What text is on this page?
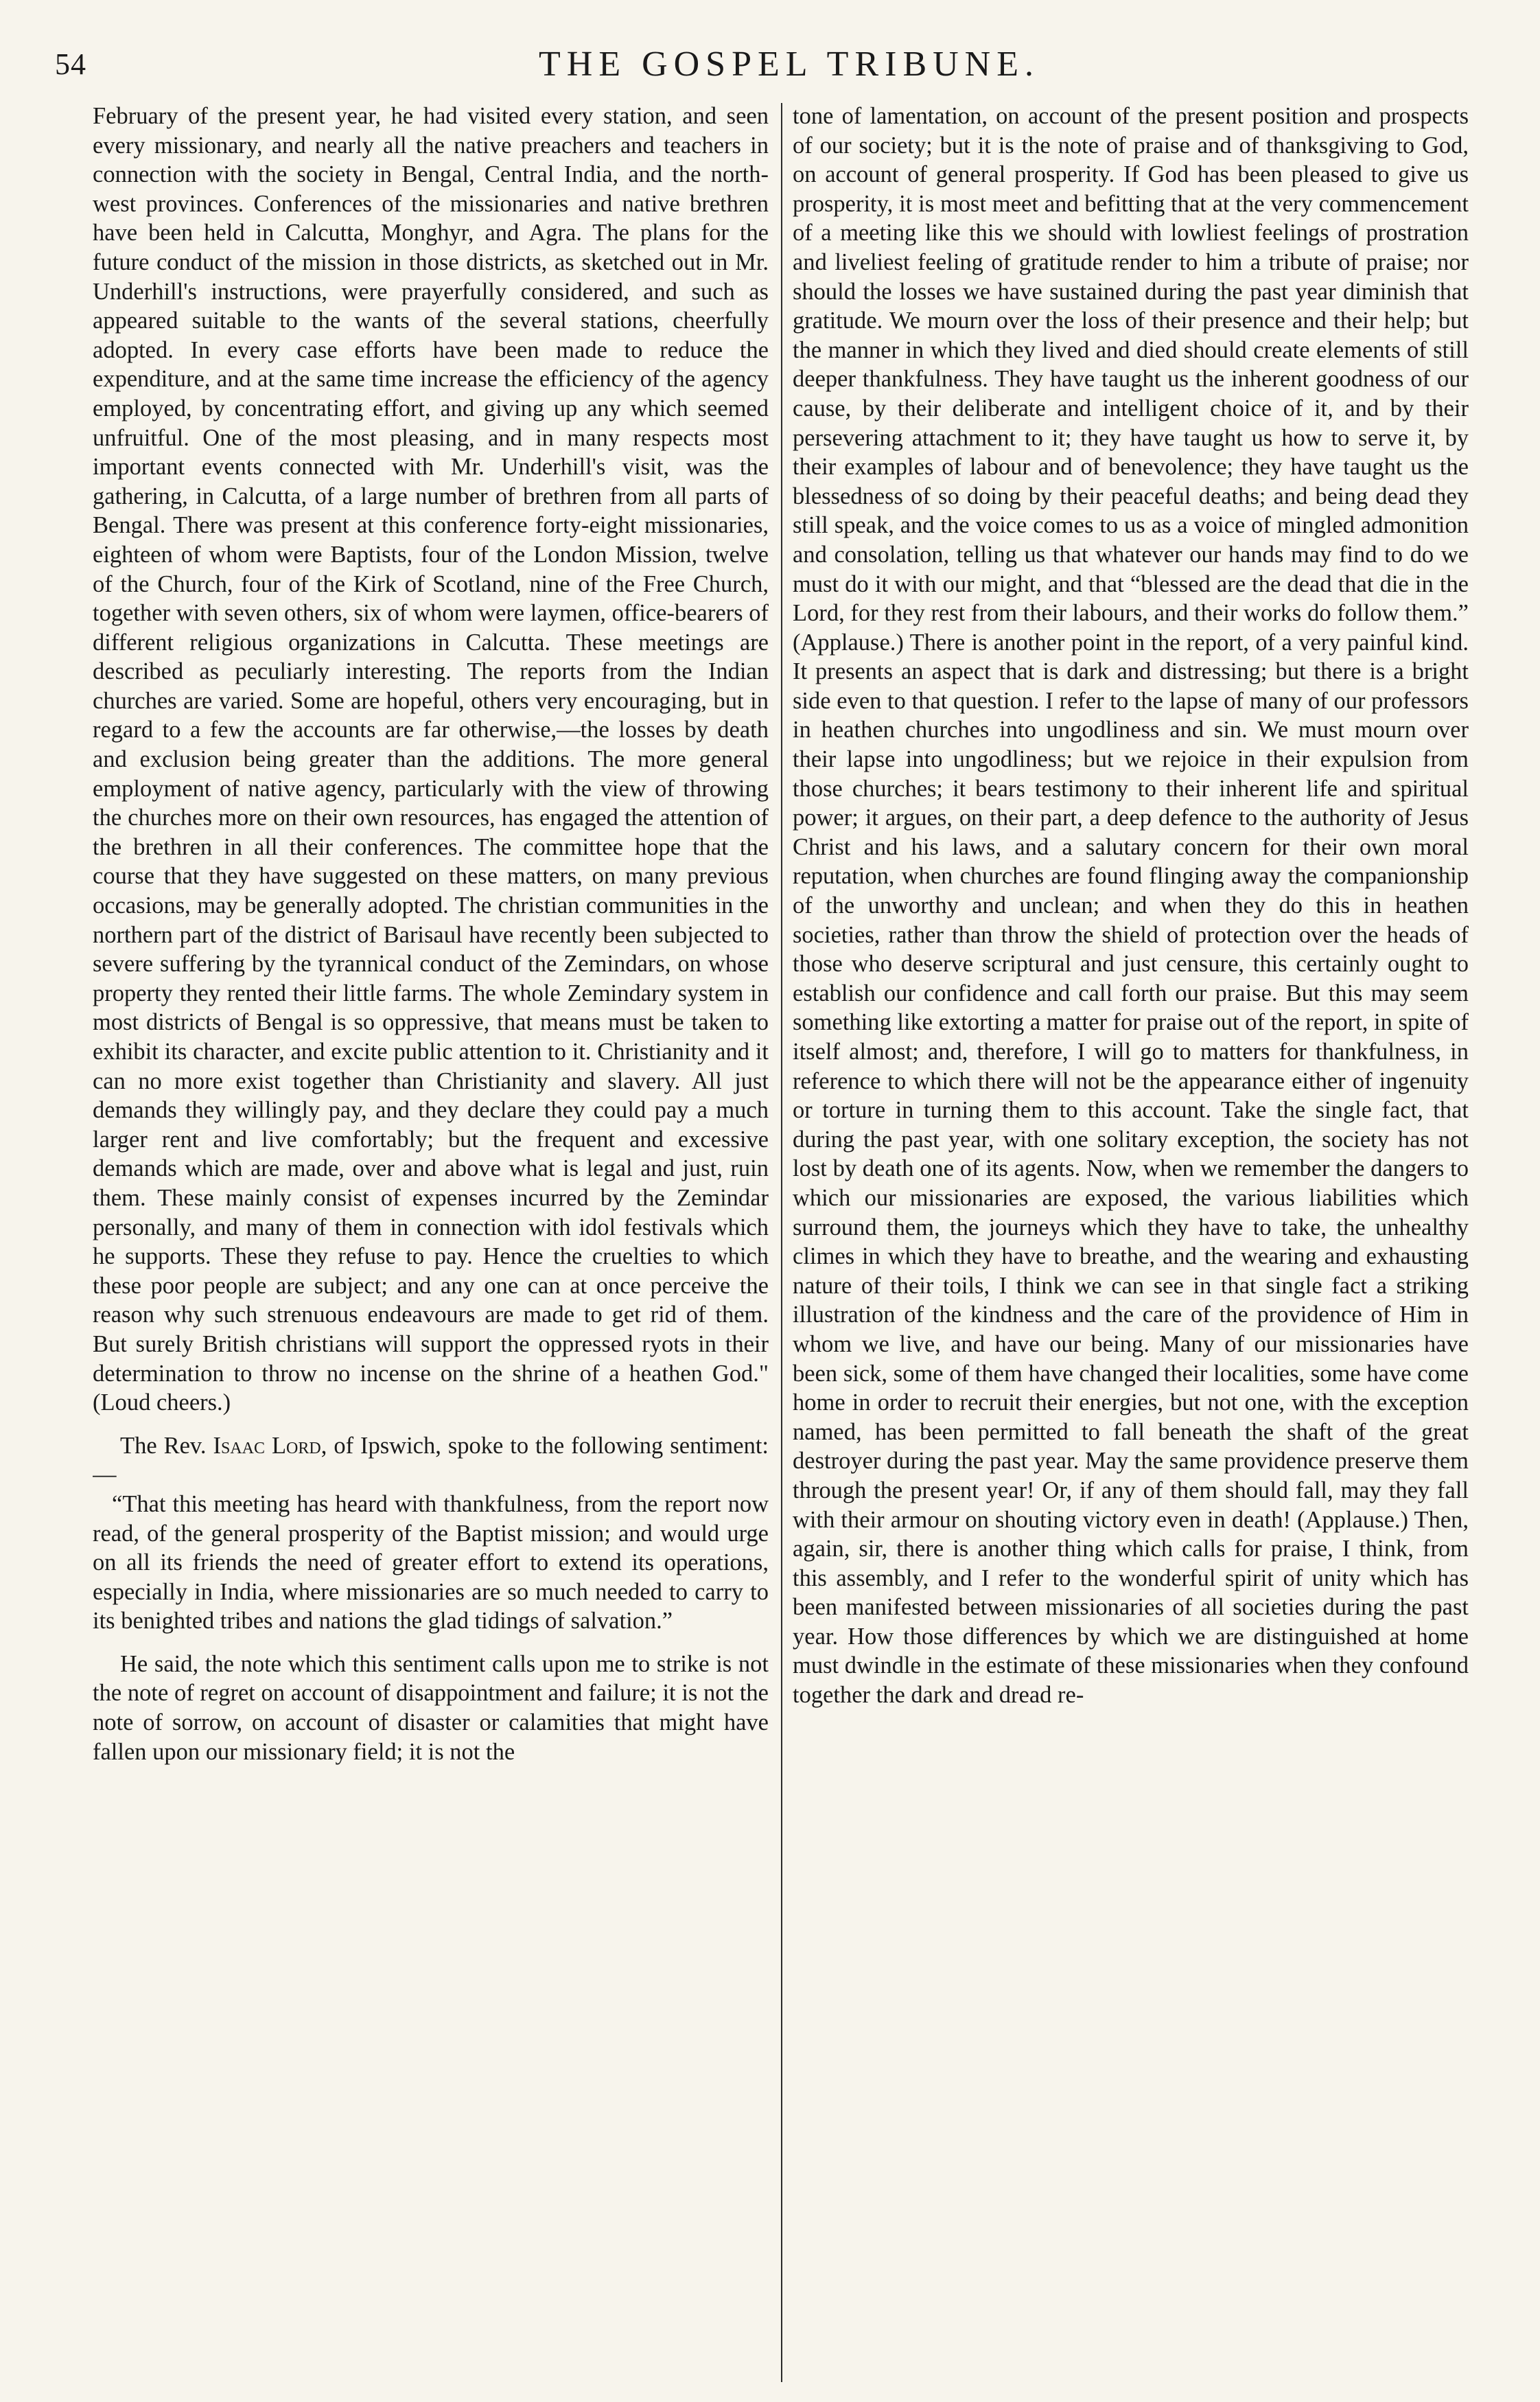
54	THE GOSPEL TRIBUNE.

February of the present year, he had visited every station, and seen every missionary, and nearly all the native preachers and teachers in connection with the society in Bengal, Central India, and the north-west provinces. Conferences of the missionaries and native brethren have been held in Calcutta, Monghyr, and Agra. The plans for the future conduct of the mission in those districts, as sketched out in Mr. Underhill's instructions, were prayerfully considered, and such as appeared suitable to the wants of the several stations, cheerfully adopted. In every case efforts have been made to reduce the expenditure, and at the same time increase the efficiency of the agency employed, by concentrating effort, and giving up any which seemed unfruitful. One of the most pleasing, and in many respects most important events connected with Mr. Underhill's visit, was the gathering, in Calcutta, of a large number of brethren from all parts of Bengal. There was present at this conference forty-eight missionaries, eighteen of whom were Baptists, four of the London Mission, twelve of the Church, four of the Kirk of Scotland, nine of the Free Church, together with seven others, six of whom were laymen, office-bearers of different religious organizations in Calcutta. These meetings are described as peculiarly interesting. The reports from the Indian churches are varied. Some are hopeful, others very encouraging, but in regard to a few the accounts are far otherwise,—the losses by death and exclusion being greater than the additions. The more general employment of native agency, particularly with the view of throwing the churches more on their own resources, has engaged the attention of the brethren in all their conferences. The committee hope that the course that they have suggested on these matters, on many previous occasions, may be generally adopted. The christian communities in the northern part of the district of Barisaul have recently been subjected to severe suffering by the tyrannical conduct of the Zemindars, on whose property they rented their little farms. The whole Zemindary system in most districts of Bengal is so oppressive, that means must be taken to exhibit its character, and excite public attention to it. Christianity and it can no more exist together than Christianity and slavery. All just demands they willingly pay, and they declare they could pay a much larger rent and live comfortably; but the frequent and excessive demands which are made, over and above what is legal and just, ruin them. These mainly consist of expenses incurred by the Zemindar personally, and many of them in connection with idol festivals which he supports. These they refuse to pay. Hence the cruelties to which these poor people are subject; and any one can at once perceive the reason why such strenuous endeavours are made to get rid of them. But surely British christians will support the oppressed ryots in their determination to throw no incense on the shrine of a heathen God." (Loud cheers.)

The Rev. Isaac Lord, of Ipswich, spoke to the following sentiment:—

“That this meeting has heard with thankfulness, from the report now read, of the general prosperity of the Baptist mission; and would urge on all its friends the need of greater effort to extend its operations, especially in India, where missionaries are so much needed to carry to its benighted tribes and nations the glad tidings of salvation.”

He said, the note which this sentiment calls upon me to strike is not the note of regret on account of disappointment and failure; it is not the note of sorrow, on account of disaster or calamities that might have fallen upon our missionary field; it is not the

tone of lamentation, on account of the present position and prospects of our society; but it is the note of praise and of thanksgiving to God, on account of general prosperity. If God has been pleased to give us prosperity, it is most meet and befitting that at the very commencement of a meeting like this we should with lowliest feelings of prostration and liveliest feeling of gratitude render to him a tribute of praise; nor should the losses we have sustained during the past year diminish that gratitude. We mourn over the loss of their presence and their help; but the manner in which they lived and died should create elements of still deeper thankfulness. They have taught us the inherent goodness of our cause, by their deliberate and intelligent choice of it, and by their persevering attachment to it; they have taught us how to serve it, by their examples of labour and of benevolence; they have taught us the blessedness of so doing by their peaceful deaths; and being dead they still speak, and the voice comes to us as a voice of mingled admonition and consolation, telling us that whatever our hands may find to do we must do it with our might, and that “blessed are the dead that die in the Lord, for they rest from their labours, and their works do follow them.” (Applause.) There is another point in the report, of a very painful kind. It presents an aspect that is dark and distressing; but there is a bright side even to that question. I refer to the lapse of many of our professors in heathen churches into ungodliness and sin. We must mourn over their lapse into ungodliness; but we rejoice in their expulsion from those churches; it bears testimony to their inherent life and spiritual power; it argues, on their part, a deep defence to the authority of Jesus Christ and his laws, and a salutary concern for their own moral reputation, when churches are found flinging away the companionship of the unworthy and unclean; and when they do this in heathen societies, rather than throw the shield of protection over the heads of those who deserve scriptural and just censure, this certainly ought to establish our confidence and call forth our praise. But this may seem something like extorting a matter for praise out of the report, in spite of itself almost; and, therefore, I will go to matters for thankfulness, in reference to which there will not be the appearance either of ingenuity or torture in turning them to this account. Take the single fact, that during the past year, with one solitary exception, the society has not lost by death one of its agents. Now, when we remember the dangers to which our missionaries are exposed, the various liabilities which surround them, the journeys which they have to take, the unhealthy climes in which they have to breathe, and the wearing and exhausting nature of their toils, I think we can see in that single fact a striking illustration of the kindness and the care of the providence of Him in whom we live, and have our being. Many of our missionaries have been sick, some of them have changed their localities, some have come home in order to recruit their energies, but not one, with the exception named, has been permitted to fall beneath the shaft of the great destroyer during the past year. May the same providence preserve them through the present year! Or, if any of them should fall, may they fall with their armour on shouting victory even in death! (Applause.) Then, again, sir, there is another thing which calls for praise, I think, from this assembly, and I refer to the wonderful spirit of unity which has been manifested between missionaries of all societies during the past year. How those differences by which we are distinguished at home must dwindle in the estimate of these missionaries when they confound together the dark and dread re-
